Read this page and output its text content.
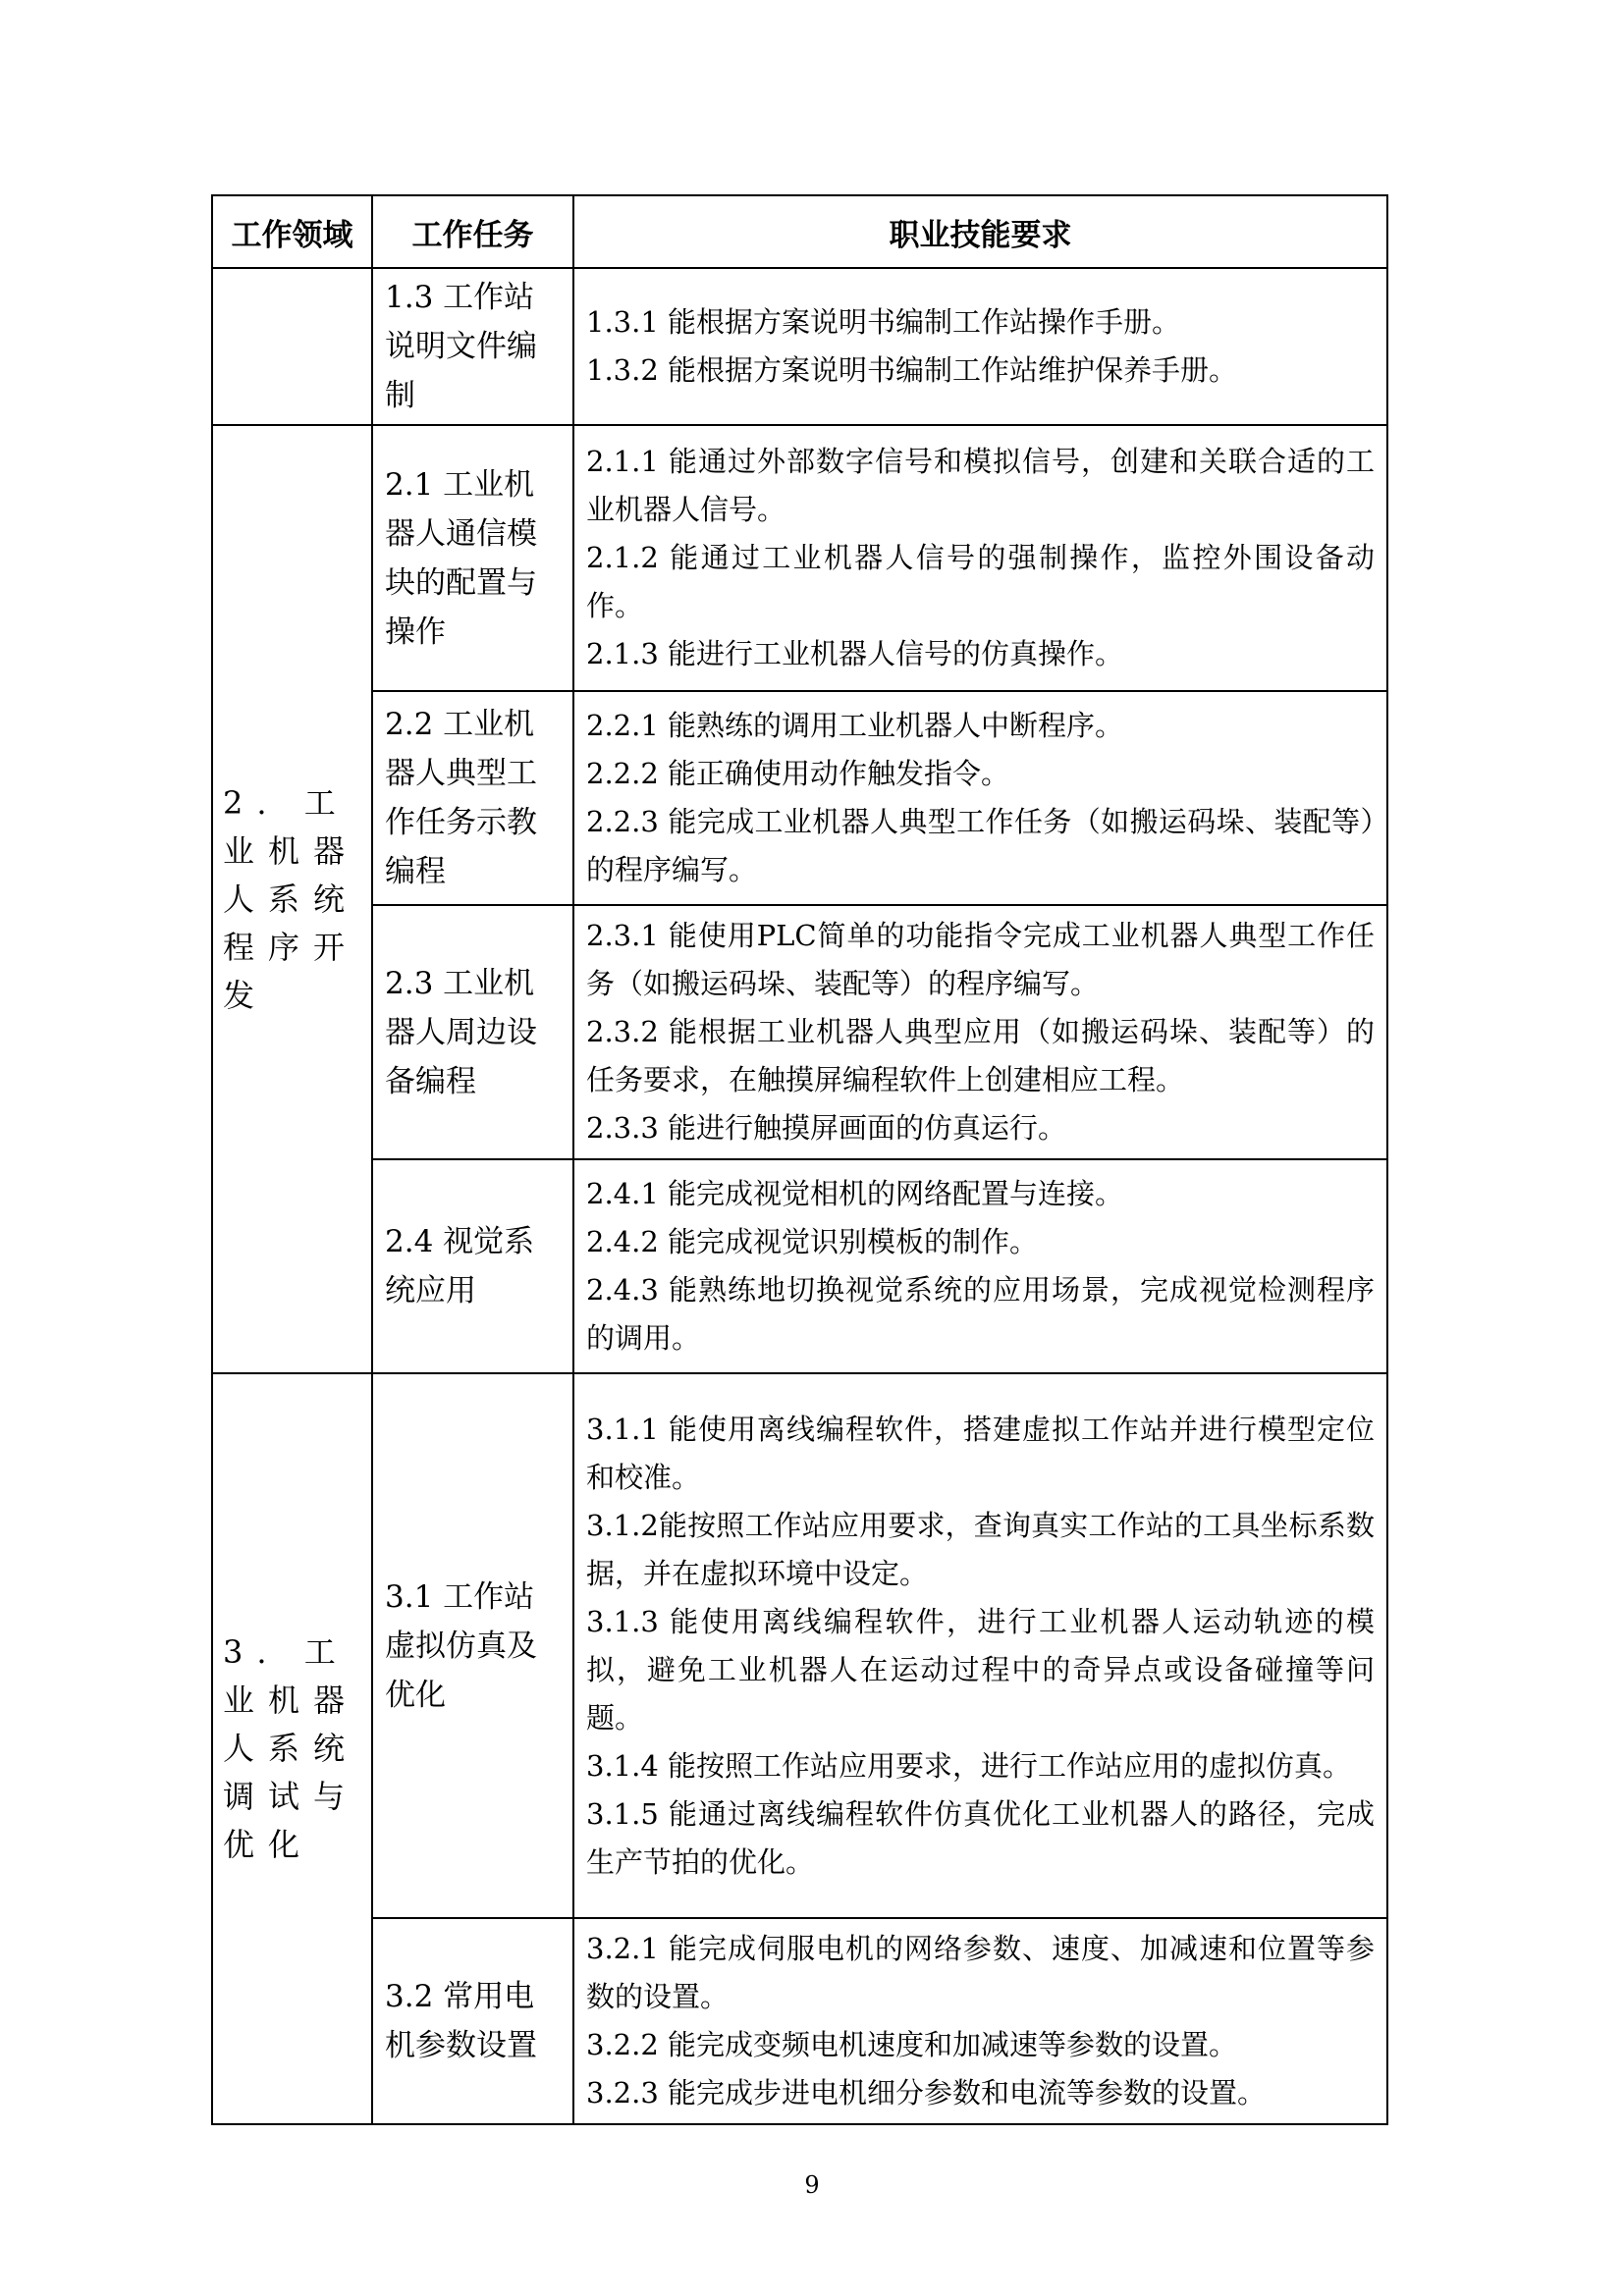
工作领域	工作任务	职业技能要求
	1.3 工作站说明文件编制	1.3.1 能根据方案说明书编制工作站操作手册。

1.3.2 能根据方案说明书编制工作站维护保养手册。

2. 工业机器人系统程序开发	2.1 工业机器人通信模块的配置与操作	2.1.1 能通过外部数字信号和模拟信号，创建和关联合适的工业机器人信号。

2.1.2 能通过工业机器人信号的强制操作，监控外围设备动作。

2.1.3 能进行工业机器人信号的仿真操作。

	2.2 工业机器人典型工作任务示教编程	2.2.1 能熟练的调用工业机器人中断程序。

2.2.2 能正确使用动作触发指令。

2.2.3 能完成工业机器人典型工作任务（如搬运码垛、装配等）的程序编写。

	2.3 工业机器人周边设备编程	2.3.1 能使用PLC简单的功能指令完成工业机器人典型工作任务（如搬运码垛、装配等）的程序编写。

2.3.2 能根据工业机器人典型应用（如搬运码垛、装配等）的任务要求，在触摸屏编程软件上创建相应工程。

2.3.3 能进行触摸屏画面的仿真运行。

	2.4 视觉系统应用	2.4.1 能完成视觉相机的网络配置与连接。

2.4.2 能完成视觉识别模板的制作。

2.4.3 能熟练地切换视觉系统的应用场景，完成视觉检测程序的调用。

3. 工业机器人系统调试与优化	3.1 工作站虚拟仿真及优化	3.1.1 能使用离线编程软件，搭建虚拟工作站并进行模型定位和校准。

3.1.2能按照工作站应用要求，查询真实工作站的工具坐标系数据，并在虚拟环境中设定。

3.1.3 能使用离线编程软件，进行工业机器人运动轨迹的模拟，避免工业机器人在运动过程中的奇异点或设备碰撞等问题。

3.1.4 能按照工作站应用要求，进行工作站应用的虚拟仿真。

3.1.5 能通过离线编程软件仿真优化工业机器人的路径，完成生产节拍的优化。

	3.2 常用电机参数设置	3.2.1 能完成伺服电机的网络参数、速度、加减速和位置等参数的设置。

3.2.2 能完成变频电机速度和加减速等参数的设置。

3.2.3 能完成步进电机细分参数和电流等参数的设置。

9
